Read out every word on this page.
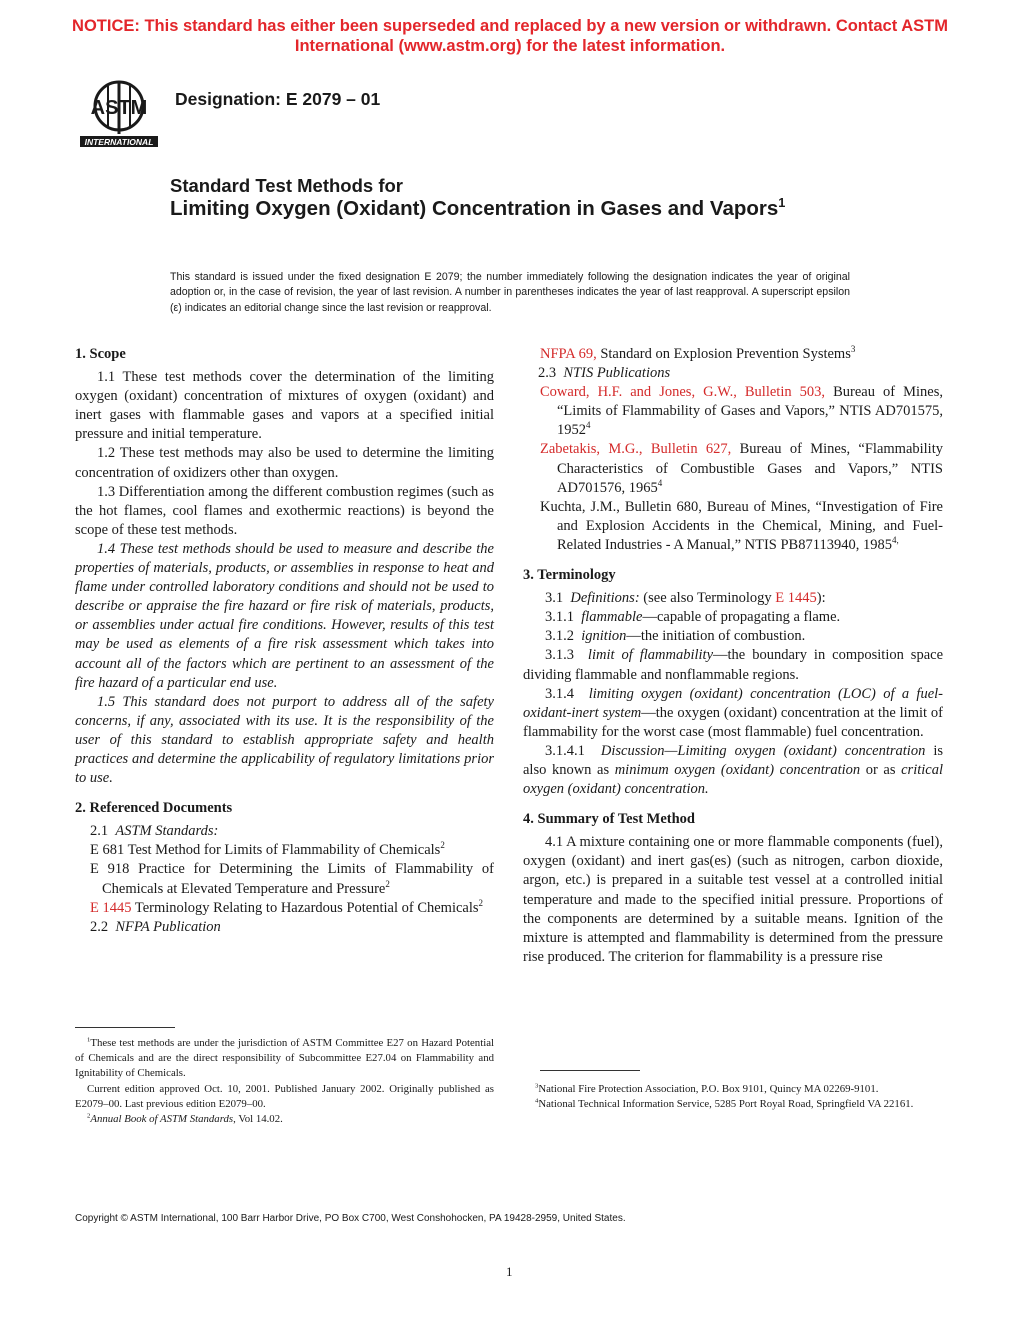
NOTICE: This standard has either been superseded and replaced by a new version or withdrawn. Contact ASTM International (www.astm.org) for the latest information.
ASTM
INTERNATIONAL
Designation: E 2079 – 01
Standard Test Methods for
Limiting Oxygen (Oxidant) Concentration in Gases and Vapors$^1$
This standard is issued under the fixed designation E 2079; the number immediately following the designation indicates the year of original adoption or, in the case of revision, the year of last revision. A number in parentheses indicates the year of last reapproval. A superscript epsilon (ε) indicates an editorial change since the last revision or reapproval.
1. Scope

1.1 These test methods cover the determination of the limiting oxygen (oxidant) concentration of mixtures of oxygen (oxidant) and inert gases with flammable gases and vapors at a specified initial pressure and initial temperature.

1.2 These test methods may also be used to determine the limiting concentration of oxidizers other than oxygen.

1.3 Differentiation among the different combustion regimes (such as the hot flames, cool flames and exothermic reactions) is beyond the scope of these test methods.

1.4 These test methods should be used to measure and describe the properties of materials, products, or assemblies in response to heat and flame under controlled laboratory conditions and should not be used to describe or appraise the fire hazard or fire risk of materials, products, or assemblies under actual fire conditions. However, results of this test may be used as elements of a fire risk assessment which takes into account all of the factors which are pertinent to an assessment of the fire hazard of a particular end use.

1.5 This standard does not purport to address all of the safety concerns, if any, associated with its use. It is the responsibility of the user of this standard to establish appropriate safety and health practices and determine the applicability of regulatory limitations prior to use.

2. Referenced Documents

2.1 ASTM Standards:

E 681 Test Method for Limits of Flammability of Chemicals$^2$

E 918 Practice for Determining the Limits of Flammability of Chemicals at Elevated Temperature and Pressure$^2$

E 1445 Terminology Relating to Hazardous Potential of Chemicals$^2$

2.2 NFPA Publication

$^1$These test methods are under the jurisdiction of ASTM Committee E27 on Hazard Potential of Chemicals and are the direct responsibility of Subcommittee E27.04 on Flammability and Ignitability of Chemicals.

Current edition approved Oct. 10, 2001. Published January 2002. Originally published as E2079–00. Last previous edition E2079–00.

$^2$Annual Book of ASTM Standards, Vol 14.02.

NFPA 69, Standard on Explosion Prevention Systems$^3$

2.3 NTIS Publications

Coward, H.F. and Jones, G.W., Bulletin 503, Bureau of Mines, “Limits of Flammability of Gases and Vapors,” NTIS AD701575, 1952$^4$

Zabetakis, M.G., Bulletin 627, Bureau of Mines, “Flammability Characteristics of Combustible Gases and Vapors,” NTIS AD701576, 1965$^4$

Kuchta, J.M., Bulletin 680, Bureau of Mines, “Investigation of Fire and Explosion Accidents in the Chemical, Mining, and Fuel-Related Industries - A Manual,” NTIS PB87113940, $1985^{4,}$

3. Terminology

3.1 Definitions: (see also Terminology E 1445):

3.1.1 flammable—capable of propagating a flame.

3.1.2 ignition—the initiation of combustion.

3.1.3 limit of flammability—the boundary in composition space dividing flammable and nonflammable regions.

3.1.4 limiting oxygen (oxidant) concentration (LOC) of a fuel-oxidant-inert system—the oxygen (oxidant) concentration at the limit of flammability for the worst case (most flammable) fuel concentration.

3.1.4.1 Discussion—Limiting oxygen (oxidant) concentration is also known as minimum oxygen (oxidant) concentration or as critical oxygen (oxidant) concentration.

4. Summary of Test Method

4.1 A mixture containing one or more flammable components (fuel), oxygen (oxidant) and inert gas(es) (such as nitrogen, carbon dioxide, argon, etc.) is prepared in a suitable test vessel at a controlled initial temperature and made to the specified initial pressure. Proportions of the components are determined by a suitable means. Ignition of the mixture is attempted and flammability is determined from the pressure rise produced. The criterion for flammability is a pressure rise

$^3$National Fire Protection Association, P.O. Box 9101, Quincy MA 02269-9101.

$^4$National Technical Information Service, 5285 Port Royal Road, Springfield VA 22161.

Copyright © ASTM International, 100 Barr Harbor Drive, PO Box C700, West Conshohocken, PA 19428-2959, United States.
1
